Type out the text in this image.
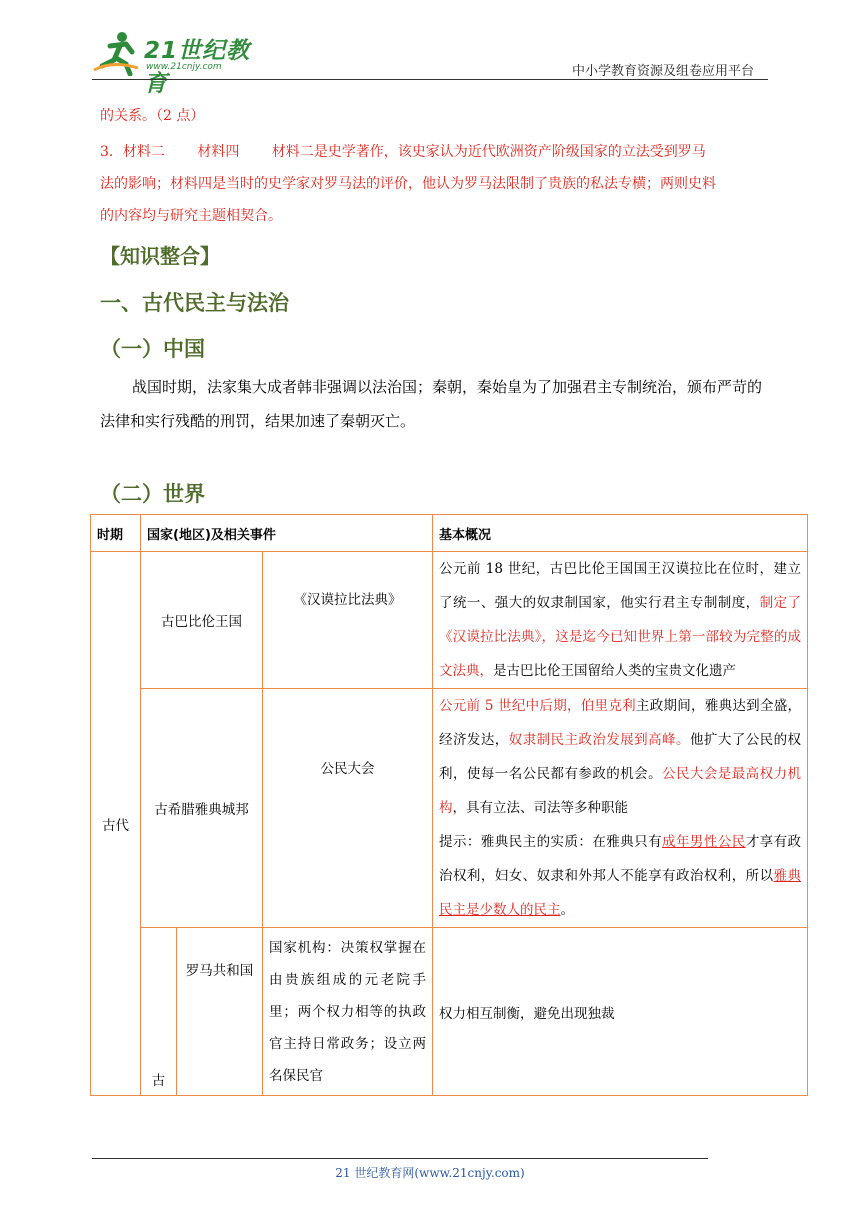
21世纪教育
www.21cnjy.com	中小学教育资源及组卷应用平台
的关系。（2 点）
3．材料二　　 材料四　　 材料二是史学著作，该史家认为近代欧洲资产阶级国家的立法受到罗马
法的影响；材料四是当时的史学家对罗马法的评价，他认为罗马法限制了贵族的私法专横；两则史料
的内容均与研究主题相契合。
【知识整合】
一、古代民主与法治
（一）中国
战国时期，法家集大成者韩非强调以法治国；秦朝，秦始皇为了加强君主专制统治，颁布严苛的法律和实行残酷的刑罚，结果加速了秦朝灭亡。
（二）世界
时期	国家(地区)及相关事件			基本概况
古代	古巴比伦王国		《汉谟拉比法典》	公元前 18 世纪，古巴比伦王国国王汉谟拉比在位时，建立了统一、强大的奴隶制国家，他实行君主专制制度，制定了《汉谟拉比法典》，这是迄今已知世界上第一部较为完整的成文法典，是古巴比伦王国留给人类的宝贵文化遗产
	古希腊雅典城邦		公民大会	公元前 5 世纪中后期，伯里克利主政期间，雅典达到全盛，经济发达，奴隶制民主政治发展到高峰。他扩大了公民的权利，使每一名公民都有参政的机会。公民大会是最高权力机构，具有立法、司法等多种职能
提示：雅典民主的实质：在雅典只有成年男性公民才享有政治权利，妇女、奴隶和外邦人不能享有政治权利，所以雅典民主是少数人的民主。
	古	罗马共和国	国家机构：决策权掌握在由贵族组成的元老院手里；两个权力相等的执政官主持日常政务；设立两名保民官	权力相互制衡，避免出现独裁
21 世纪教育网(www.21cnjy.com)
